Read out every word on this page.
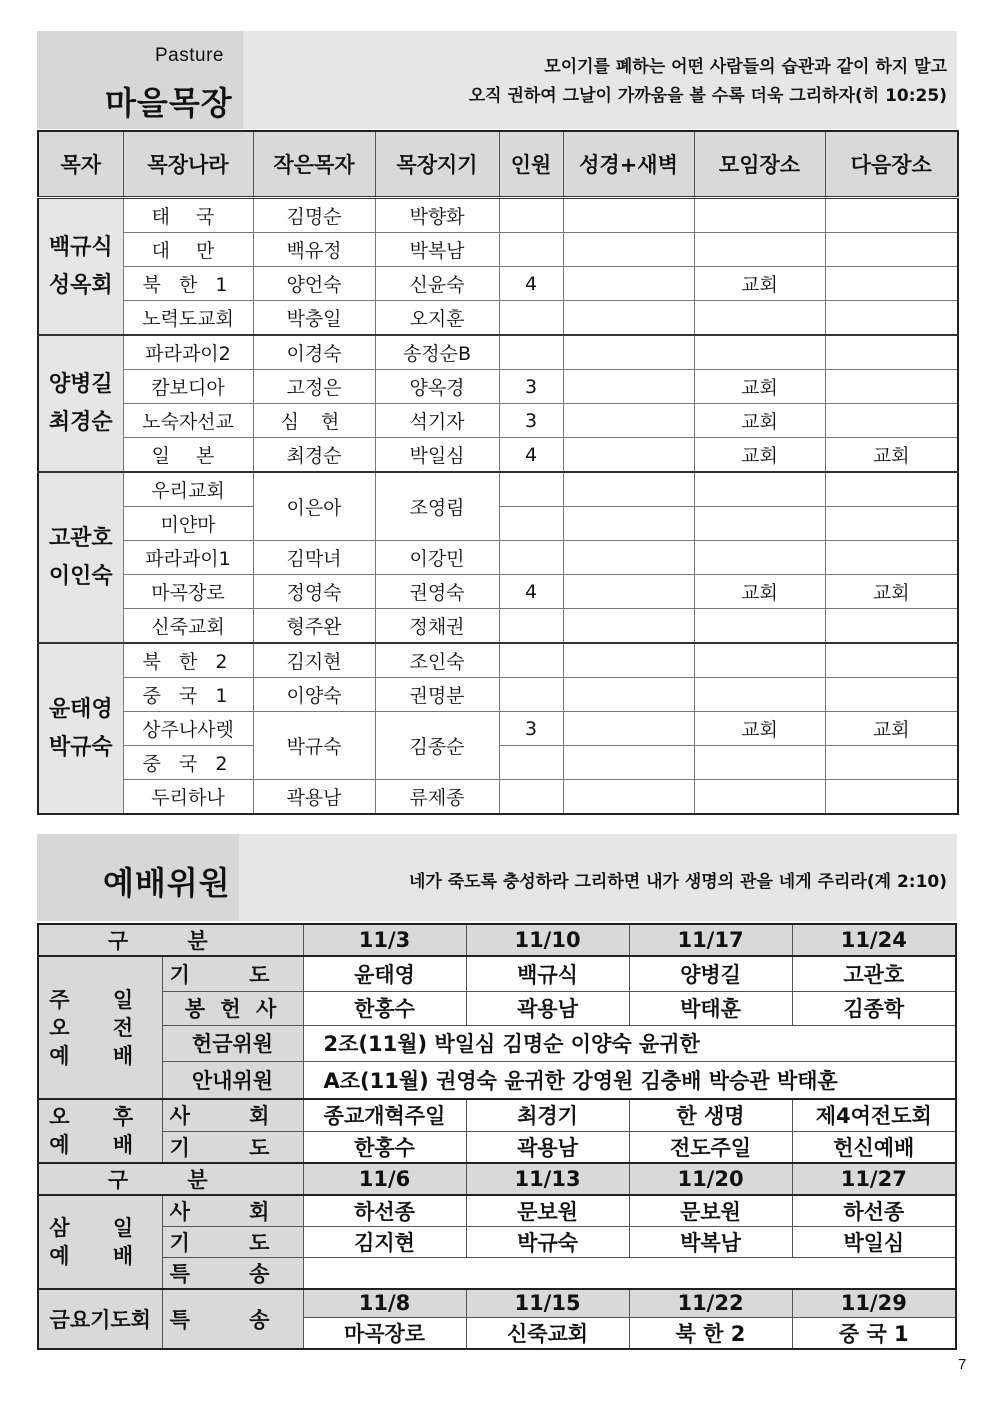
Pasture
마을목장
모이기를 폐하는 어떤 사람들의 습관과 같이 하지 말고
오직 권하여 그날이 가까움을 볼 수록 더욱 그리하자(히 10:25)
목자	목장나라	작은목자	목장지기	인원	성경+새벽	모임장소	다음장소

백규식
성옥회	태 국	김명순	박향화				
	대 만	백유정	박복남				
	북 한 1	양언숙	신윤숙	4		교회	
	노력도교회	박충일	오지훈				

양병길
최경순	파라과이2	이경숙	송정순B				
	캄보디아	고정은	양옥경	3		교회	
	노숙자선교	심 현	석기자	3		교회	
	일 본	최경순	박일심	4		교회	교회

고관호
이인숙	우리교회	이은아	조영림				
	미얀마						
	파라과이1	김막녀	이강민				
	마곡장로	정영숙	권영숙	4		교회	교회
	신죽교회	형주완	정채권				

윤태영
박규숙	북 한 2	김지현	조인숙				
	중 국 1	이양숙	권명분				
	상주나사렛	박규숙	김종순	3		교회	교회
	중 국 2						
	두리하나	곽용남	류제종				
예배위원	네가 죽도록 충성하라 그리하면 내가 생명의 관을 네게 주리라(계 2:10)
구 분		11/3	11/10	11/17	11/24

주 일
오 전
예 배	기 도	윤태영	백규식	양병길	고관호
	봉 헌 사	한홍수	곽용남	박태훈	김종학
	헌금위원	2조(11월) 박일심 김명순 이양숙 윤귀한			
	안내위원	A조(11월) 권영숙 윤귀한 강영원 김충배 박승관 박태훈			

오 후
예 배	사 회	종교개혁주일	최경기	한 생명	제4여전도회
	기 도	한홍수	곽용남	전도주일	헌신예배
구 분		11/6	11/13	11/20	11/27

삼 일
예 배	사 회	하선종	문보원	문보원	하선종
	기 도	김지현	박규숙	박복남	박일심
	특 송				
금요기도회	특 송	11/8	11/15	11/22	11/29
		마곡장로	신죽교회	북 한 2	중 국 1
7
